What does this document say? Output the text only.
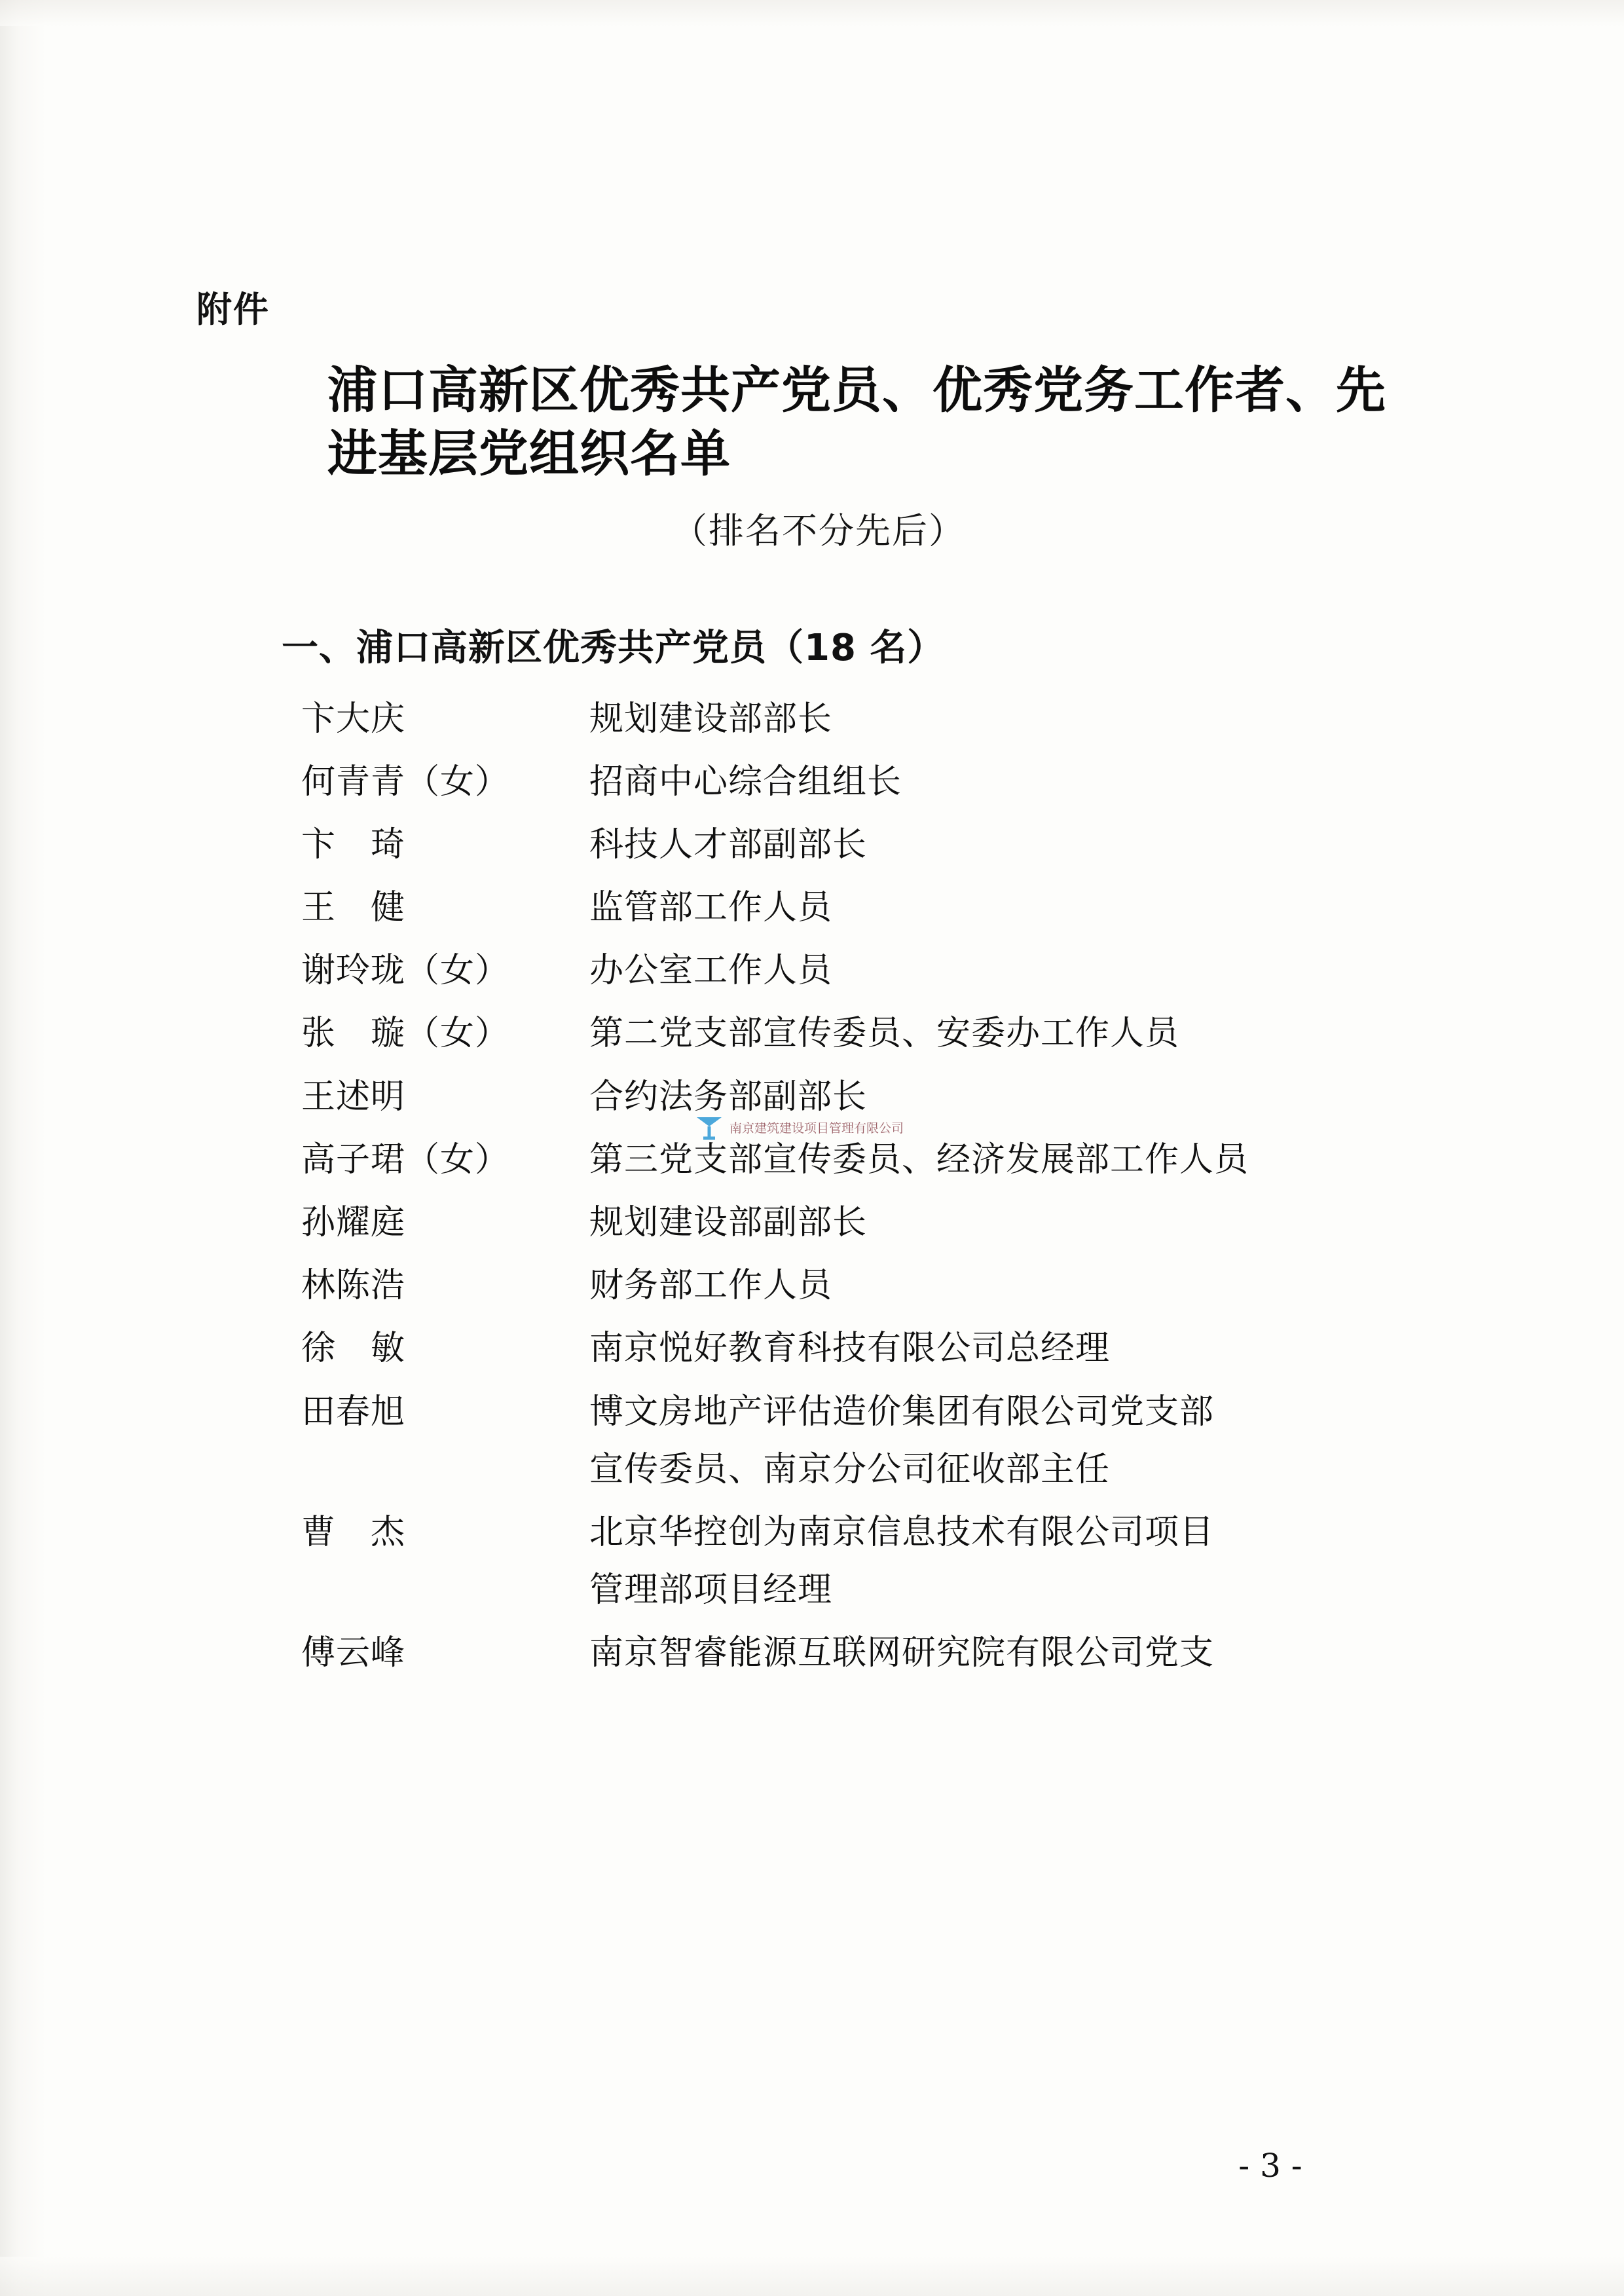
附件
浦口高新区优秀共产党员、优秀党务工作者、先进基层党组织名单
（排名不分先后）
一、浦口高新区优秀共产党员（18 名）
卞大庆	规划建设部部长
何青青（女）	招商中心综合组组长
卞　琦	科技人才部副部长
王　健	监管部工作人员
谢玲珑（女）	办公室工作人员
张　璇（女）	第二党支部宣传委员、安委办工作人员
王述明	合约法务部副部长
高子珺（女）	第三党支部宣传委员、经济发展部工作人员
孙耀庭	规划建设部副部长
林陈浩	财务部工作人员
徐　敏	南京悦好教育科技有限公司总经理
田春旭	博文房地产评估造价集团有限公司党支部
宣传委员、南京分公司征收部主任
曹　杰	北京华控创为南京信息技术有限公司项目
管理部项目经理
傅云峰	南京智睿能源互联网研究院有限公司党支
南京建筑建设项目管理有限公司
- 3 -
